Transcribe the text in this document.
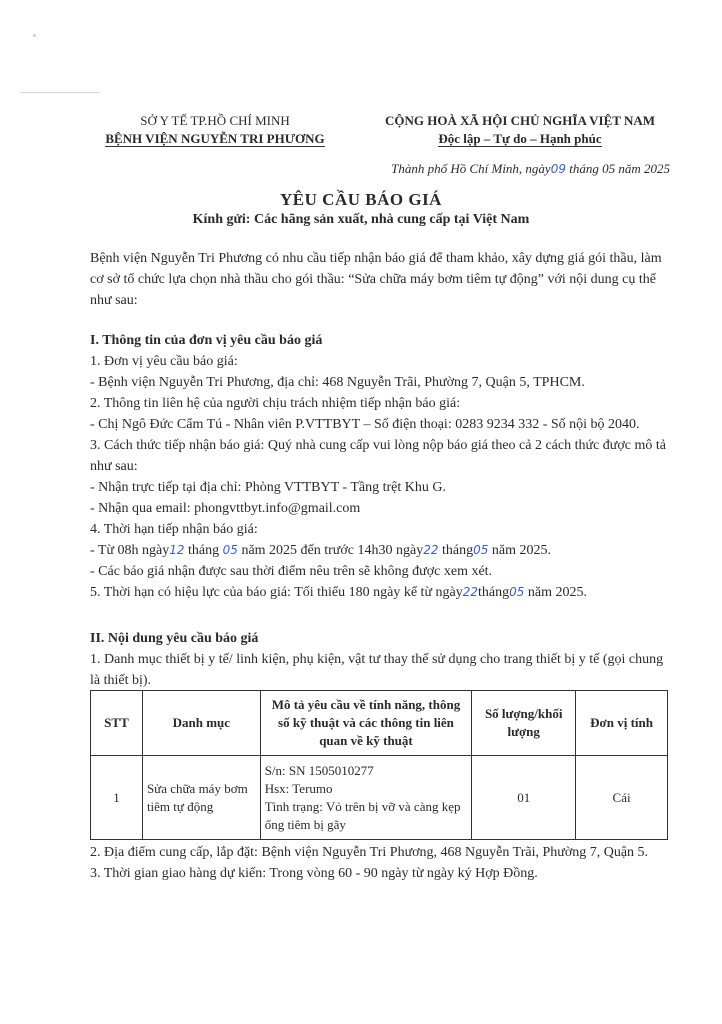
SỞ Y TẾ TP.HỒ CHÍ MINH
BỆNH VIỆN NGUYỄN TRI PHƯƠNG
CỘNG HOÀ XÃ HỘI CHỦ NGHĨA VIỆT NAM
Độc lập – Tự do – Hạnh phúc
Thành phố Hồ Chí Minh, ngày09 tháng 05 năm 2025
YÊU CẦU BÁO GIÁ
Kính gửi: Các hãng sản xuất, nhà cung cấp tại Việt Nam
Bệnh viện Nguyễn Tri Phương có nhu cầu tiếp nhận báo giá để tham khảo, xây dựng giá gói thầu, làm cơ sở tổ chức lựa chọn nhà thầu cho gói thầu: “Sửa chữa máy bơm tiêm tự động” với nội dung cụ thể như sau:
I. Thông tin của đơn vị yêu cầu báo giá
1. Đơn vị yêu cầu báo giá:
- Bệnh viện Nguyễn Tri Phương, địa chỉ: 468 Nguyễn Trãi, Phường 7, Quận 5, TPHCM.
2. Thông tin liên hệ của người chịu trách nhiệm tiếp nhận báo giá:
- Chị Ngô Đức Cẩm Tú - Nhân viên P.VTTBYT – Số điện thoại: 0283 9234 332 - Số nội bộ 2040.
3. Cách thức tiếp nhận báo giá: Quý nhà cung cấp vui lòng nộp báo giá theo cả 2 cách thức được mô tả như sau:
- Nhận trực tiếp tại địa chỉ: Phòng VTTBYT - Tầng trệt Khu G.
- Nhận qua email: phongvttbyt.info@gmail.com
4. Thời hạn tiếp nhận báo giá:
- Từ 08h ngày12 tháng 05 năm 2025 đến trước 14h30 ngày22 tháng05 năm 2025.
- Các báo giá nhận được sau thời điểm nêu trên sẽ không được xem xét.
5. Thời hạn có hiệu lực của báo giá: Tối thiểu 180 ngày kể từ ngày22tháng05 năm 2025.
II. Nội dung yêu cầu báo giá
1. Danh mục thiết bị y tế/ linh kiện, phụ kiện, vật tư thay thế sử dụng cho trang thiết bị y tế (gọi chung là thiết bị).
STT	Danh mục	Mô tả yêu cầu về tính năng, thông số kỹ thuật và các thông tin liên quan về kỹ thuật	Số lượng/khối lượng	Đơn vị tính
1	Sửa chữa máy bơm tiêm tự động	S/n: SN 1505010277
Hsx: Terumo
Tình trạng: Vỏ trên bị vỡ và càng kẹp ống tiêm bị gãy	01	Cái
2. Địa điểm cung cấp, lắp đặt: Bệnh viện Nguyễn Tri Phương, 468 Nguyễn Trãi, Phường 7, Quận 5.
3. Thời gian giao hàng dự kiến: Trong vòng 60 - 90 ngày từ ngày ký Hợp Đồng.
